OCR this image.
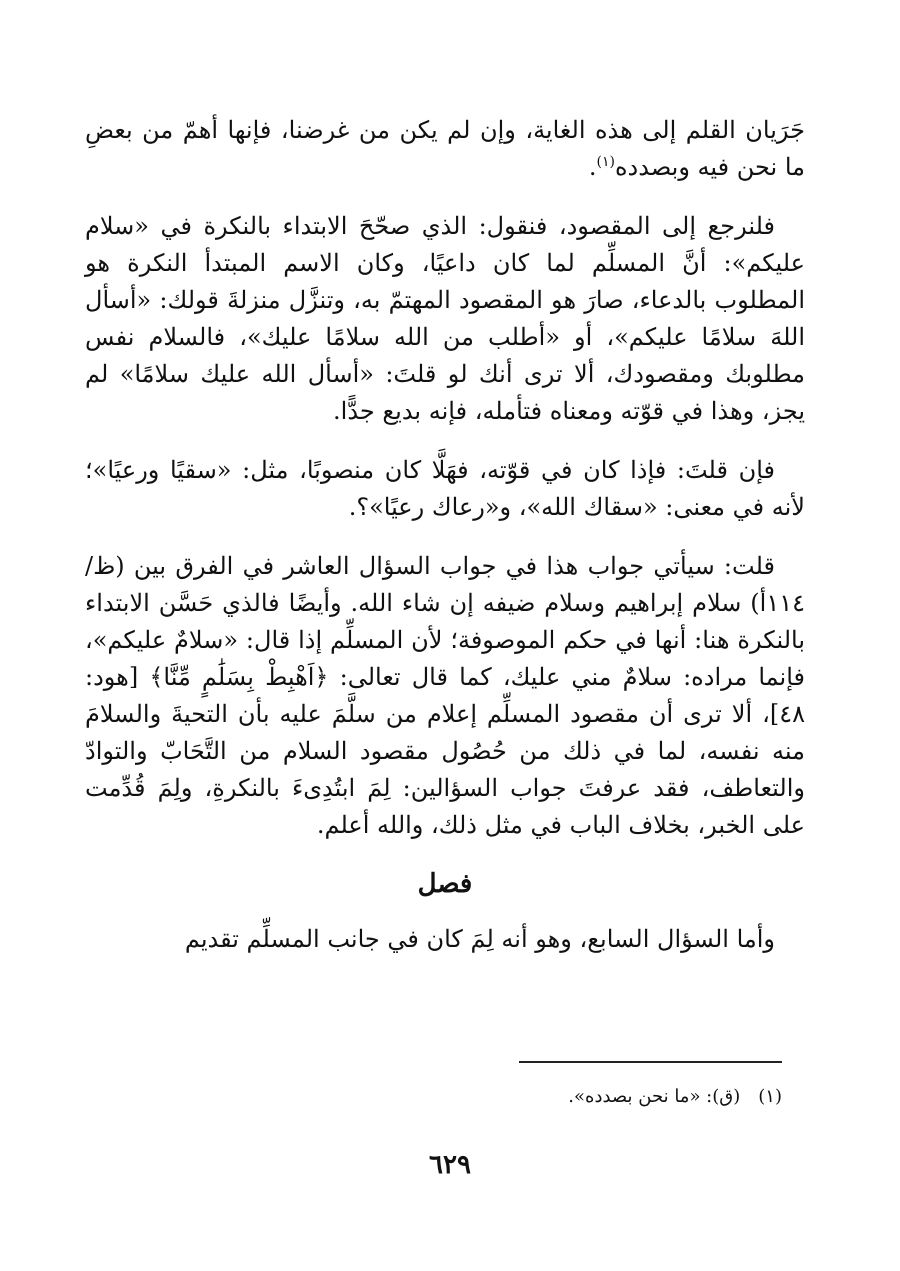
جَرَيان القلم إلى هذه الغاية، وإن لم يكن من غرضنا، فإنها أهمّ من بعضِ ما نحن فيه وبصدده$^{(١)}$.

فلنرجع إلى المقصود، فنقول: الذي صحّحَ الابتداء بالنكرة في «سلام عليكم»: أنَّ المسلِّم لما كان داعيًا، وكان الاسم المبتدأ النكرة هو المطلوب بالدعاء، صارَ هو المقصود المهتمّ به، وتنزَّل منزلةَ قولك: «أسأل اللهَ سلامًا عليكم»، أو «أطلب من الله سلامًا عليك»، فالسلام نفس مطلوبك ومقصودك، ألا ترى أنك لو قلتَ: «أسأل الله عليك سلامًا» لم يجز، وهذا في قوّته ومعناه فتأمله، فإنه بديع جدًّا.

فإن قلتَ: فإذا كان في قوّته، فهَلَّا كان منصوبًا، مثل: «سقيًا ورعيًا»؛ لأنه في معنى: «سقاك الله»، و«رعاك رعيًا»؟.

قلت: سيأتي جواب هذا في جواب السؤال العاشر في الفرق بين (ظ/١١٤أ) سلام إبراهيم وسلام ضيفه إن شاء الله. وأيضًا فالذي حَسَّن الابتداء بالنكرة هنا: أنها في حكم الموصوفة؛ لأن المسلِّم إذا قال: «سلامٌ عليكم»، فإنما مراده: سلامٌ مني عليك، كما قال تعالى: ﴿اَهْبِطْ بِسَلَٰمٍ مِّنَّا﴾ [هود: ٤٨]، ألا ترى أن مقصود المسلِّم إعلام من سلَّمَ عليه بأن التحيةَ والسلامَ منه نفسه، لما في ذلك من حُصُول مقصود السلام من التَّحَابّ والتوادّ والتعاطف، فقد عرفتَ جواب السؤالين: لِمَ ابتُدِىءَ بالنكرةِ، ولِمَ قُدِّمت على الخبر، بخلاف الباب في مثل ذلك، والله أعلم.

فصل

وأما السؤال السابع، وهو أنه لِمَ كان في جانب المسلِّم تقديم

(١)(ق): «ما نحن بصدده».
٦٢٩
